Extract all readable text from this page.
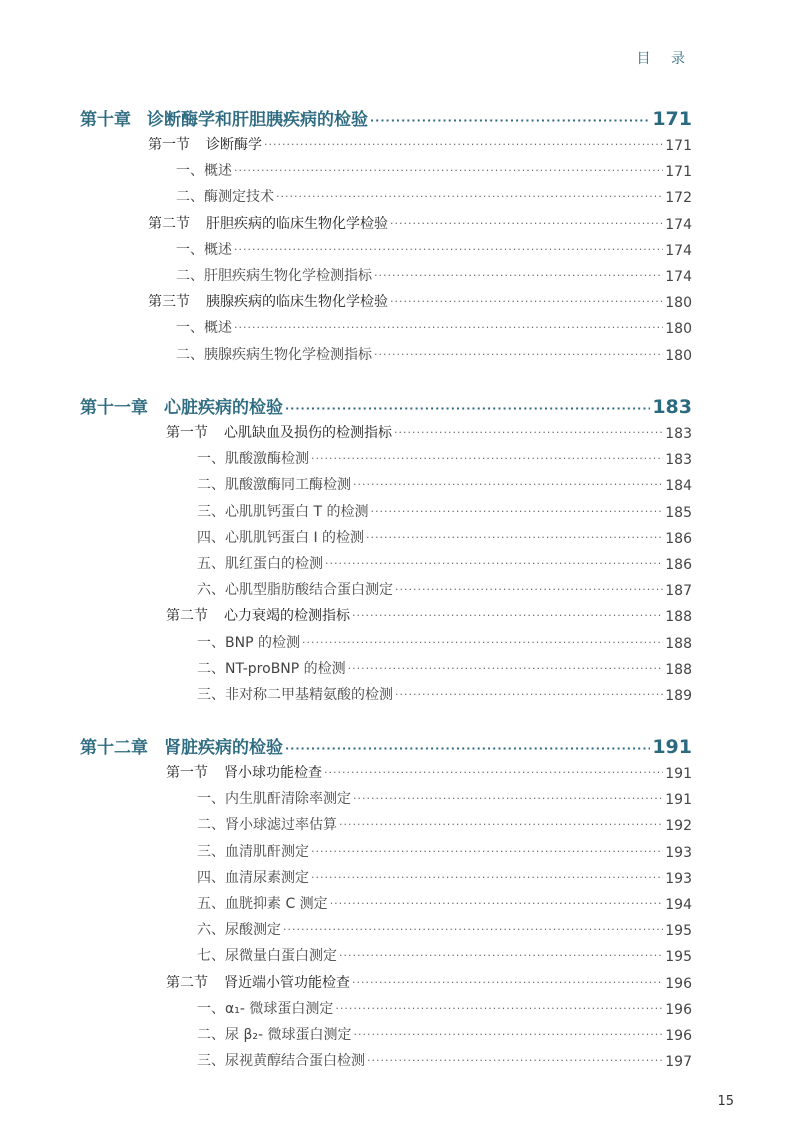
目 录
第十章 诊断酶学和肝胆胰疾病的检验 ·····	171
第一节 诊断酶学 ·····	171
一、概述 ·····	171
二、酶测定技术 ·····	172
第二节 肝胆疾病的临床生物化学检验 ·····	174
一、概述 ·····	174
二、肝胆疾病生物化学检测指标 ·····	174
第三节 胰腺疾病的临床生物化学检验 ·····	180
一、概述 ·····	180
二、胰腺疾病生物化学检测指标 ·····	180
第十一章 心脏疾病的检验 ·····	183
第一节 心肌缺血及损伤的检测指标 ·····	183
一、肌酸激酶检测 ·····	183
二、肌酸激酶同工酶检测 ·····	184
三、心肌肌钙蛋白 T 的检测 ·····	185
四、心肌肌钙蛋白 I 的检测 ·····	186
五、肌红蛋白的检测 ·····	186
六、心肌型脂肪酸结合蛋白测定 ·····	187
第二节 心力衰竭的检测指标 ·····	188
一、BNP 的检测 ·····	188
二、NT-proBNP 的检测 ·····	188
三、非对称二甲基精氨酸的检测 ·····	189
第十二章 肾脏疾病的检验 ·····	191
第一节 肾小球功能检查 ·····	191
一、内生肌酐清除率测定 ·····	191
二、肾小球滤过率估算 ·····	192
三、血清肌酐测定 ·····	193
四、血清尿素测定 ·····	193
五、血胱抑素 C 测定 ·····	194
六、尿酸测定 ·····	195
七、尿微量白蛋白测定 ·····	195
第二节 肾近端小管功能检查 ·····	196
一、α₁- 微球蛋白测定 ·····	196
二、尿 β₂- 微球蛋白测定 ·····	196
三、尿视黄醇结合蛋白检测 ·····	197
15
